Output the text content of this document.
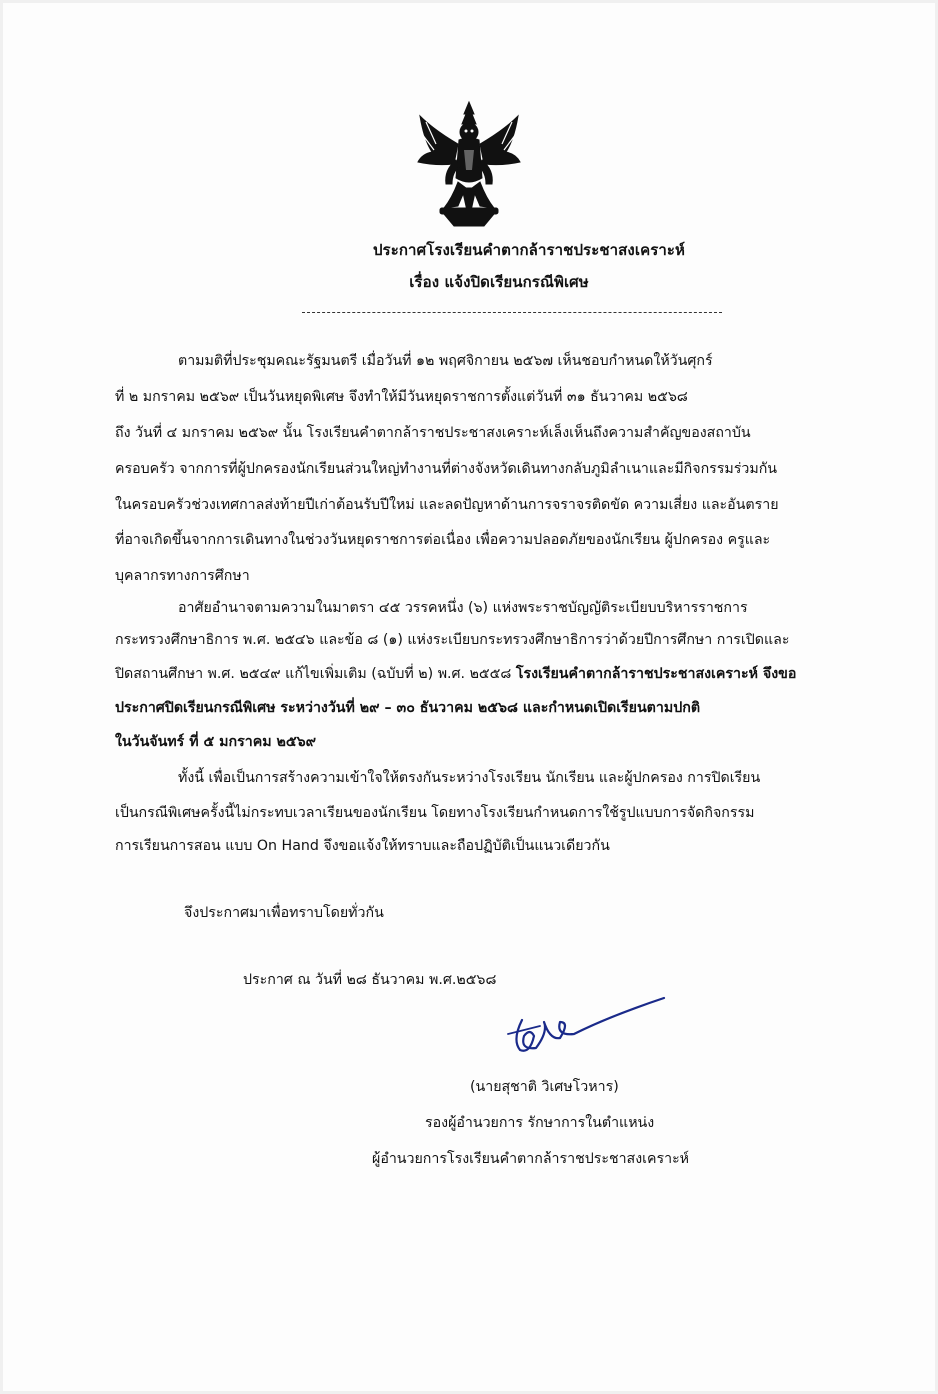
ประกาศโรงเรียนคำตากล้าราชประชาสงเคราะห์
เรื่อง แจ้งปิดเรียนกรณีพิเศษ
ตามมติที่ประชุมคณะรัฐมนตรี เมื่อวันที่ ๑๒ พฤศจิกายน ๒๕๖๗ เห็นชอบกำหนดให้วันศุกร์
ที่ ๒ มกราคม ๒๕๖๙ เป็นวันหยุดพิเศษ จึงทำให้มีวันหยุดราชการตั้งแต่วันที่ ๓๑ ธันวาคม ๒๕๖๘
ถึง วันที่ ๔ มกราคม ๒๕๖๙ นั้น โรงเรียนคำตากล้าราชประชาสงเคราะห์เล็งเห็นถึงความสำคัญของสถาบัน
ครอบครัว จากการที่ผู้ปกครองนักเรียนส่วนใหญ่ทำงานที่ต่างจังหวัดเดินทางกลับภูมิลำเนาและมีกิจกรรมร่วมกัน
ในครอบครัวช่วงเทศกาลส่งท้ายปีเก่าต้อนรับปีใหม่ และลดปัญหาด้านการจราจรติดขัด ความเสี่ยง และอันตราย
ที่อาจเกิดขึ้นจากการเดินทางในช่วงวันหยุดราชการต่อเนื่อง เพื่อความปลอดภัยของนักเรียน ผู้ปกครอง ครูและ
บุคลากรทางการศึกษา
อาศัยอำนาจตามความในมาตรา ๔๕ วรรคหนึ่ง (๖) แห่งพระราชบัญญัติระเบียบบริหารราชการ
กระทรวงศึกษาธิการ พ.ศ. ๒๕๔๖ และข้อ ๘ (๑) แห่งระเบียบกระทรวงศึกษาธิการว่าด้วยปีการศึกษา การเปิดและ
ปิดสถานศึกษา พ.ศ. ๒๕๔๙ แก้ไขเพิ่มเติม (ฉบับที่ ๒) พ.ศ. ๒๕๕๘ โรงเรียนคำตากล้าราชประชาสงเคราะห์ จึงขอ
ประกาศปิดเรียนกรณีพิเศษ ระหว่างวันที่ ๒๙ – ๓๐ ธันวาคม ๒๕๖๘ และกำหนดเปิดเรียนตามปกติ
ในวันจันทร์ ที่ ๕ มกราคม ๒๕๖๙
ทั้งนี้ เพื่อเป็นการสร้างความเข้าใจให้ตรงกันระหว่างโรงเรียน นักเรียน และผู้ปกครอง การปิดเรียน
เป็นกรณีพิเศษครั้งนี้ไม่กระทบเวลาเรียนของนักเรียน โดยทางโรงเรียนกำหนดการใช้รูปแบบการจัดกิจกรรม
การเรียนการสอน แบบ On Hand จึงขอแจ้งให้ทราบและถือปฏิบัติเป็นแนวเดียวกัน
จึงประกาศมาเพื่อทราบโดยทั่วกัน
ประกาศ ณ วันที่ ๒๘ ธันวาคม พ.ศ.๒๕๖๘
(นายสุชาติ วิเศษโวหาร)
รองผู้อำนวยการ รักษาการในตำแหน่ง
ผู้อำนวยการโรงเรียนคำตากล้าราชประชาสงเคราะห์
